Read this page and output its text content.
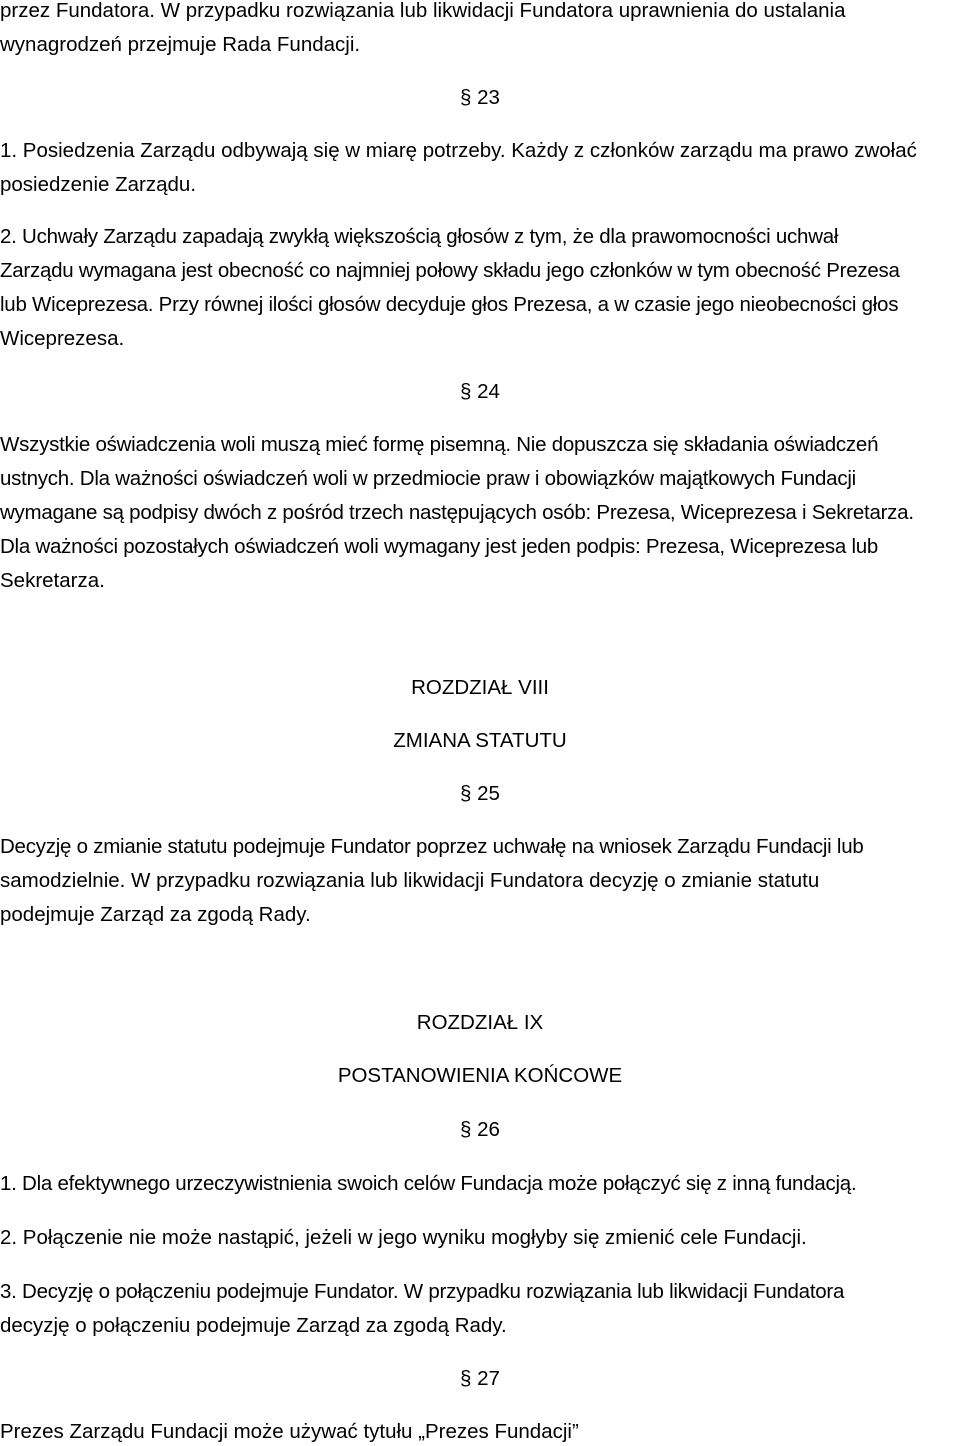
przez Fundatora. W przypadku rozwiązania lub likwidacji Fundatora uprawnienia do ustalania
wynagrodzeń przejmuje Rada Fundacji.
§ 23
1. Posiedzenia Zarządu odbywają się w miarę potrzeby. Każdy z członków zarządu ma prawo zwołać
posiedzenie Zarządu.
2. Uchwały Zarządu zapadają zwykłą większością głosów z tym, że dla prawomocności uchwał
Zarządu wymagana jest obecność co najmniej połowy składu jego członków w tym obecność Prezesa
lub Wiceprezesa. Przy równej ilości głosów decyduje głos Prezesa, a w czasie jego nieobecności głos
Wiceprezesa.
§ 24
Wszystkie oświadczenia woli muszą mieć formę pisemną. Nie dopuszcza się składania oświadczeń
ustnych. Dla ważności oświadczeń woli w przedmiocie praw i obowiązków majątkowych Fundacji
wymagane są podpisy dwóch z pośród trzech następujących osób: Prezesa, Wiceprezesa i Sekretarza.
Dla ważności pozostałych oświadczeń woli wymagany jest jeden podpis: Prezesa, Wiceprezesa lub
Sekretarza.
ROZDZIAŁ VIII
ZMIANA STATUTU
§ 25
Decyzję o zmianie statutu podejmuje Fundator poprzez uchwałę na wniosek Zarządu Fundacji lub
samodzielnie. W przypadku rozwiązania lub likwidacji Fundatora decyzję o zmianie statutu
podejmuje Zarząd za zgodą Rady.
ROZDZIAŁ IX
POSTANOWIENIA KOŃCOWE
§ 26
1. Dla efektywnego urzeczywistnienia swoich celów Fundacja może połączyć się z inną fundacją.
2. Połączenie nie może nastąpić, jeżeli w jego wyniku mogłyby się zmienić cele Fundacji.
3. Decyzję o połączeniu podejmuje Fundator. W przypadku rozwiązania lub likwidacji Fundatora
decyzję o połączeniu podejmuje Zarząd za zgodą Rady.
§ 27
Prezes Zarządu Fundacji może używać tytułu „Prezes Fundacji”
